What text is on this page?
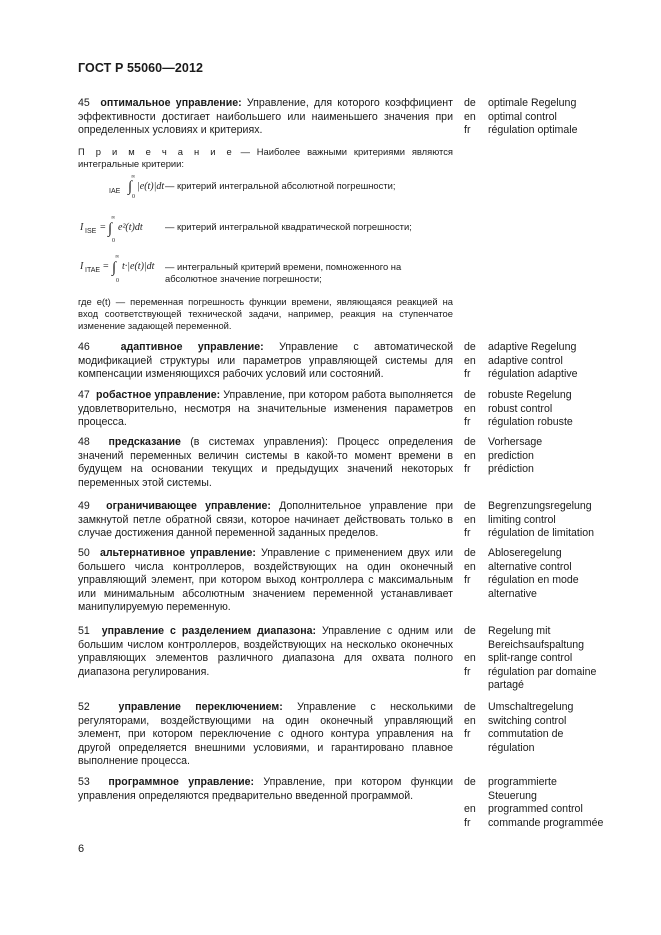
ГОСТ Р 55060—2012
45 оптимальное управление: Управление, для которого коэффициент эффективности достигает наибольшего или наименьшего значения при определенных условиях и критериях.
de	optimale Regelung
en	optimal control
fr	régulation optimale
П р и м е ч а н и е — Наиболее важными критериями являются интегральные критерии:
IAE
∞
∫
0
|e(t)|dt — критерий интегральной абсолютной погрешности;
I ISE =
∞
∫
0
e²(t)dt — критерий интегральной квадратической погрешности;
I ITAE =
∞
∫
0
t·|e(t)|dt — интегральный критерий времени, помноженного на абсолютное значение погрешности;
где e(t) — переменная погрешность функции времени, являющаяся реакцией на вход соответствующей технической задачи, например, реакция на ступенчатое изменение задающей переменной.
46	адаптивное управление: Управление с автоматической модификацией структуры или параметров управляющей системы для компенсации изменяющихся рабочих условий или состояний.
de	adaptive Regelung
en	adaptive control
fr	régulation adaptive
47 робастное управление: Управление, при котором работа выполняется удовлетворительно, несмотря на значительные изменения параметров процесса.
de	robuste Regelung
en	robust control
fr	régulation robuste
48 предсказание (в системах управления): Процесс определения значений переменных величин системы в какой-то момент времени в будущем на основании текущих и предыдущих значений некоторых переменных этой системы.
de	Vorhersage
en	prediction
fr	prédiction
49 ограничивающее управление: Дополнительное управление при замкнутой петле обратной связи, которое начинает действовать только в случае достижения данной переменной заданных пределов.
de	Begrenzungsregelung
en	limiting control
fr	régulation de limitation
50 альтернативное управление: Управление с применением двух или большего числа контроллеров, воздействующих на один оконечный управляющий элемент, при котором выход контроллера с максимальным или минимальным абсолютным значением переменной устанавливает манипулируемую переменную.
de	Abloseregelung
en	alternative control
fr	régulation en mode alternative
51 управление с разделением диапазона: Управление с одним или большим числом контроллеров, воздействующих на несколько оконечных управляющих элементов различного диапазона для охвата полного диапазона регулирования.
de	Regelung mit Bereichsaufspaltung
en	split-range control
fr	régulation par domaine partagé
52	управление переключением: Управление с несколькими регуляторами, воздействующими на один оконечный управляющий элемент, при котором переключение с одного контура управления на другой определяется внешними условиями, и гарантировано плавное выполнение процесса.
de	Umschaltregelung
en	switching control
fr	commutation de régulation
53 программное управление: Управление, при котором функции управления определяются предварительно введенной программой.
de	programmierte Steuerung
en	programmed control
fr	commande programmée
6
